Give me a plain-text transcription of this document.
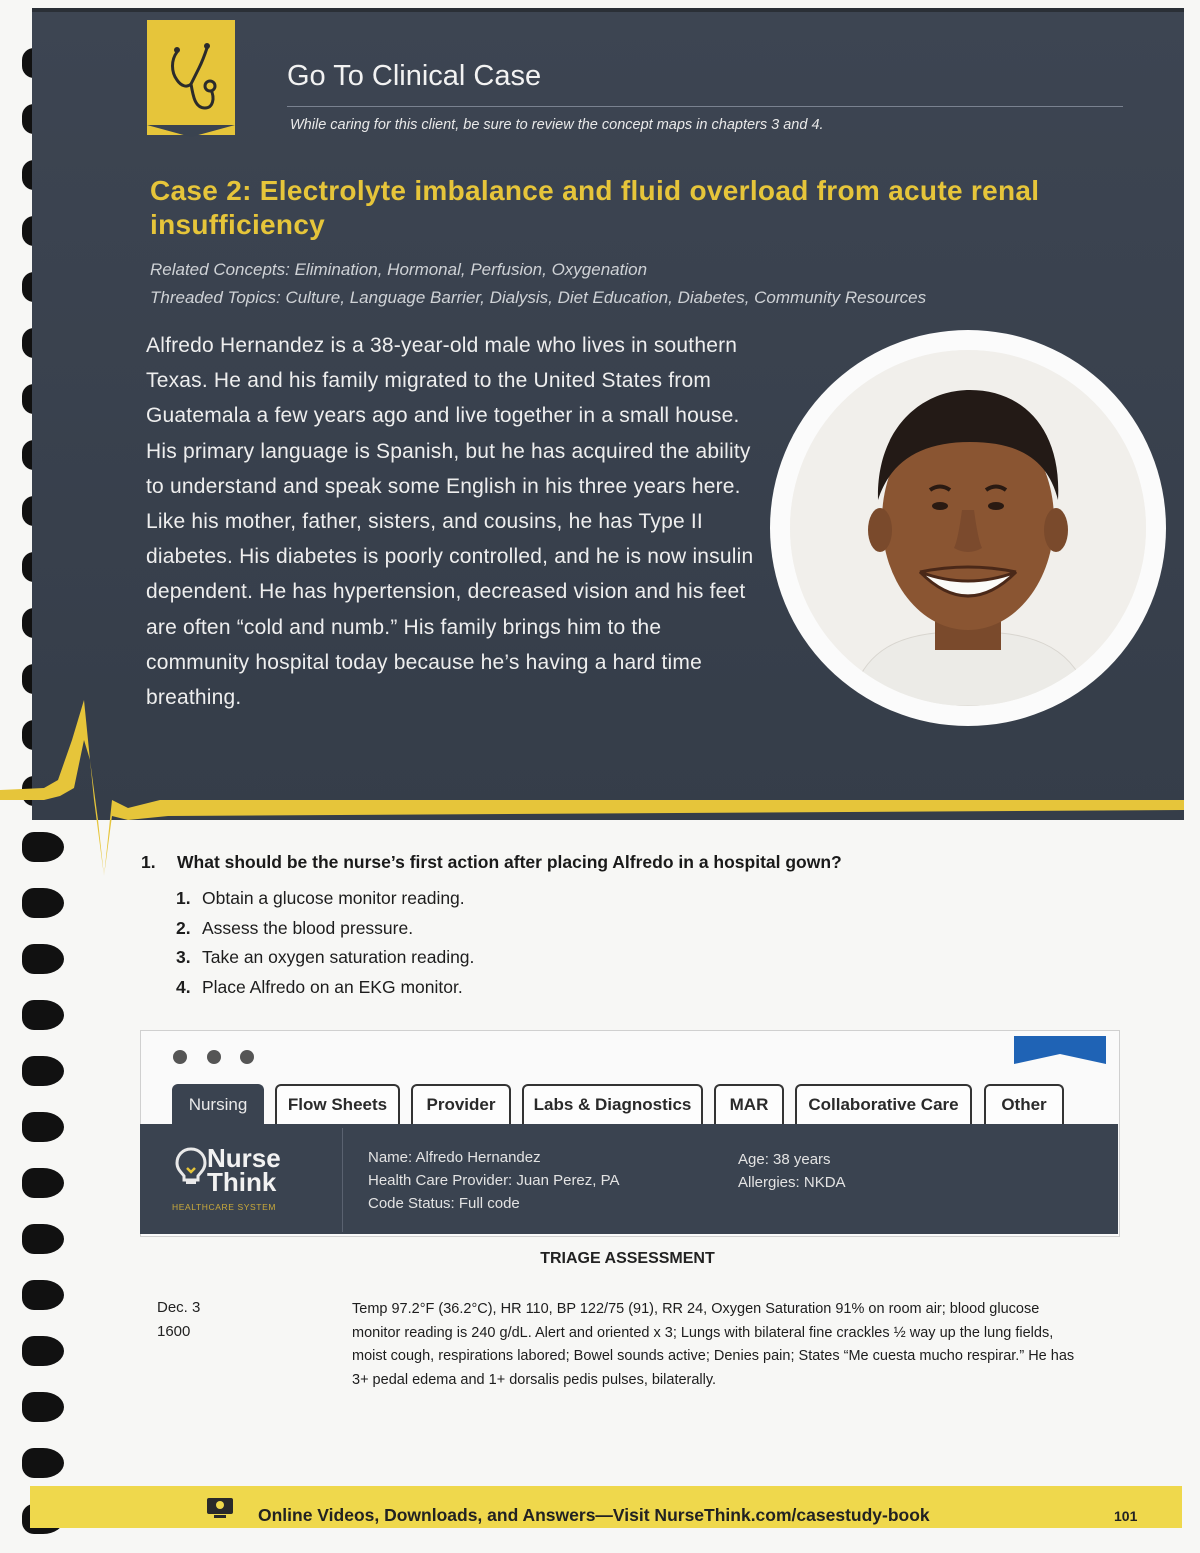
Go To Clinical Case
While caring for this client, be sure to review the concept maps in chapters 3 and 4.
Case 2: Electrolyte imbalance and fluid overload from acute renal insufficiency
Related Concepts: Elimination, Hormonal, Perfusion, Oxygenation
Threaded Topics: Culture, Language Barrier, Dialysis, Diet Education, Diabetes, Community Resources
Alfredo Hernandez is a 38-year-old male who lives in southern Texas. He and his family migrated to the United States from Guatemala a few years ago and live together in a small house. His primary language is Spanish, but he has acquired the ability to understand and speak some English in his three years here. Like his mother, father, sisters, and cousins, he has Type II diabetes. His diabetes is poorly controlled, and he is now insulin dependent. He has hypertension, decreased vision and his feet are often “cold and numb.” His family brings him to the community hospital today because he’s having a hard time breathing.
1. What should be the nurse’s first action after placing Alfredo in a hospital gown?
1. Obtain a glucose monitor reading.
2. Assess the blood pressure.
3. Take an oxygen saturation reading.
4. Place Alfredo on an EKG monitor.
Nursing	Flow Sheets	Provider	Labs & Diagnostics	MAR	Collaborative Care	Other
Nurse
Think
HEALTHCARE SYSTEM
Name: Alfredo Hernandez
Health Care Provider: Juan Perez, PA
Code Status: Full code
Age: 38 years
Allergies: NKDA
TRIAGE ASSESSMENT
Dec. 3
1600
Temp 97.2°F (36.2°C), HR 110, BP 122/75 (91), RR 24, Oxygen Saturation 91% on room air; blood glucose monitor reading is 240 g/dL. Alert and oriented x 3; Lungs with bilateral fine crackles ½ way up the lung fields, moist cough, respirations labored; Bowel sounds active; Denies pain; States “Me cuesta mucho respirar.” He has 3+ pedal edema and 1+ dorsalis pedis pulses, bilaterally.
Online Videos, Downloads, and Answers—Visit NurseThink.com/casestudy-book	101
